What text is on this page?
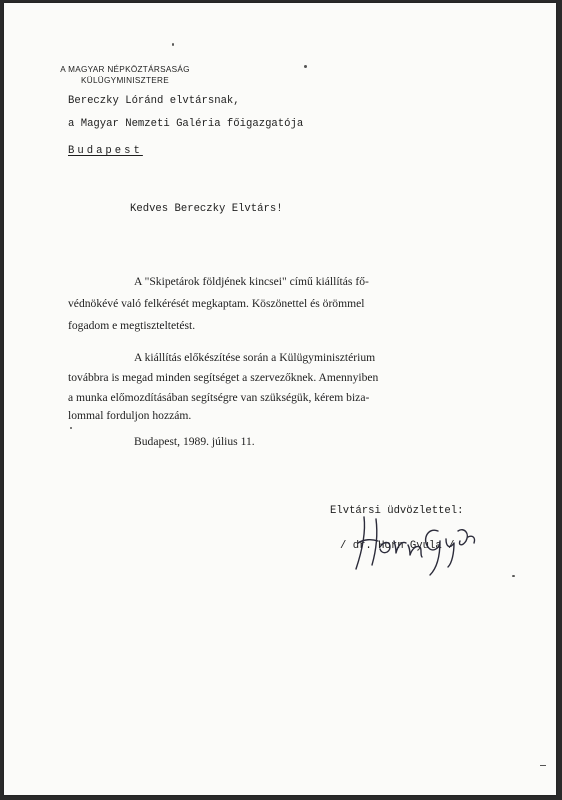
A MAGYAR NÉPKÖZTÁRSASÁG
KÜLÜGYMINISZTERE
Bereczky Lóránd elvtársnak,
a Magyar Nemzeti Galéria főigazgatója
Budapest
Kedves Bereczky Elvtárs!
A "Skipetárok földjének kincsei" című kiállítás fő-
védnökévé való felkérését megkaptam. Köszönettel és örömmel
fogadom e megtiszteltetést.
A kiállítás előkészítése során a Külügyminisztérium
továbbra is megad minden segítséget a szervezőknek. Amennyiben
a munka előmozdításában segítségre van szükségük, kérem biza-
lommal forduljon hozzám.
Budapest, 1989. július 11.
Elvtársi üdvözlettel:
/ dr. Horn Gyula /
